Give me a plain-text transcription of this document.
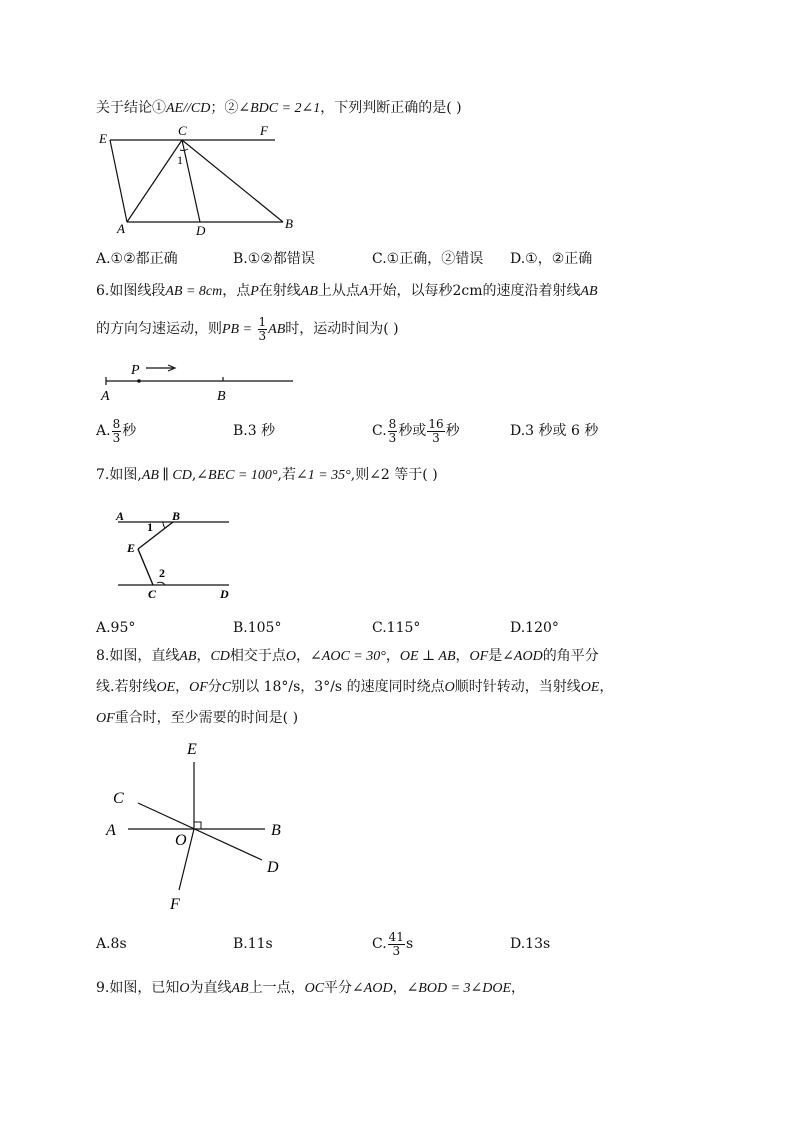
关于结论①AE//CD；②∠BDC = 2∠1，下列判断正确的是( )
E
C	F
1
A	D	B
A.①②都正确	B.①②都错误	C.①正确，②错误 D.①，②正确
6.如图线段AB = 8cm，点P在射线AB上从点A开始，以每秒2cm的速度沿着射线AB
的方向匀速运动，则PB = $\frac{1}{3}$ AB时，运动时间为( )
P
A	B
A. $\frac{8}{3}$ 秒	B.3 秒	C. $\frac{8}{3}$ 秒或 $\frac{16}{3}$ 秒	D.3 秒或 6 秒
7.如图,AB ∥ CD,∠BEC = 100°,若∠1 = 35°,则∠2 等于( )
A	B
1
E
2
C	D
A.95°	B.105°	C.115°	D.120°
8.如图，直线AB，CD相交于点O，∠AOC = 30°，OE ⊥ AB，OF是∠AOD的角平分
线.若射线OE，OF分C别以 18°/s，3°/s 的速度同时绕点O顺时针转动，当射线OE，
OF重合时，至少需要的时间是( )
E
C
A
O
B
D
F
A.8s	B.11s	C. $\frac{41}{3}$ s	D.13s
9.如图，已知O为直线AB上一点，OC平分∠AOD，∠BOD = 3∠DOE，
